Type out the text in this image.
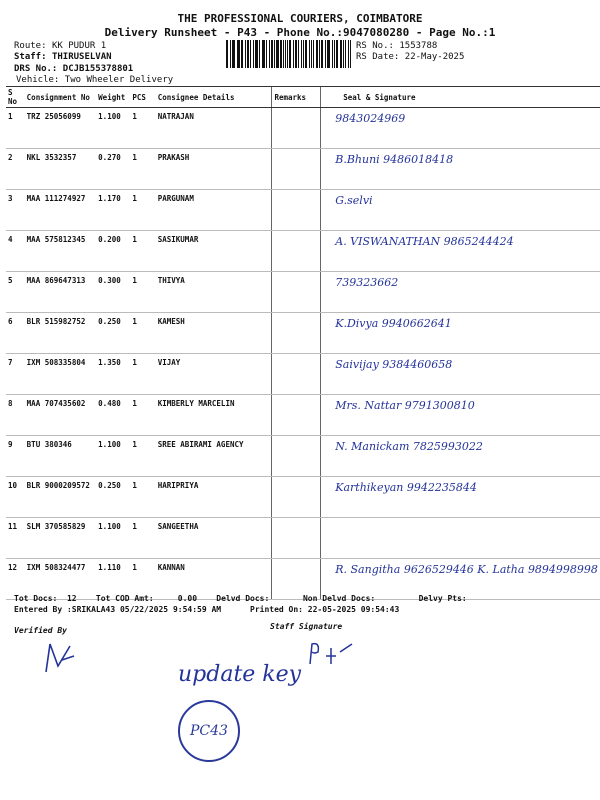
THE PROFESSIONAL COURIERS, COIMBATORE
Delivery Runsheet - P43 - Phone No.:9047080280 - Page No.:1
Route: KK PUDUR 1
Staff: THIRUSELVAN
DRS No.: DCJB155378801
Vehicle: Two Wheeler Delivery
RS No.: 1553788
RS Date: 22-May-2025
S No	Consignment No	Weight	PCS	Consignee Details	Remarks	Seal & Signature
1	TRZ 25056099	1.100	1	NATRAJAN		9843024969
2	NKL 3532357	0.270	1	PRAKASH		B.Bhuni 9486018418
3	MAA 111274927	1.170	1	PARGUNAM		G.selvi
4	MAA 575812345	0.200	1	SASIKUMAR		A. VISWANATHAN 9865244424
5	MAA 869647313	0.300	1	THIVYA		739323662
6	BLR 515982752	0.250	1	KAMESH		K.Divya 9940662641
7	IXM 508335804	1.350	1	VIJAY		Saivijay 9384460658
8	MAA 707435602	0.480	1	KIMBERLY MARCELIN		Mrs. Nattar 9791300810
9	BTU 380346	1.100	1	SREE ABIRAMI AGENCY		N. Manickam 7825993022
10	BLR 9000209572	0.250	1	HARIPRIYA		Karthikeyan 9942235844
11	SLM 370585829	1.100	1	SANGEETHA		
12	IXM 508324477	1.110	1	KANNAN		R. Sangitha 9626529446 K. Latha 9894998998
Tot Docs:  12    Tot COD Amt:     0.00    Delvd Docs:       Non Delvd Docs:         Delvy Pts:
Entered By :SRIKALA43 05/22/2025 9:54:59 AM      Printed On: 22-05-2025 09:54:43
Verified By	Staff Signature
update key
PC43
